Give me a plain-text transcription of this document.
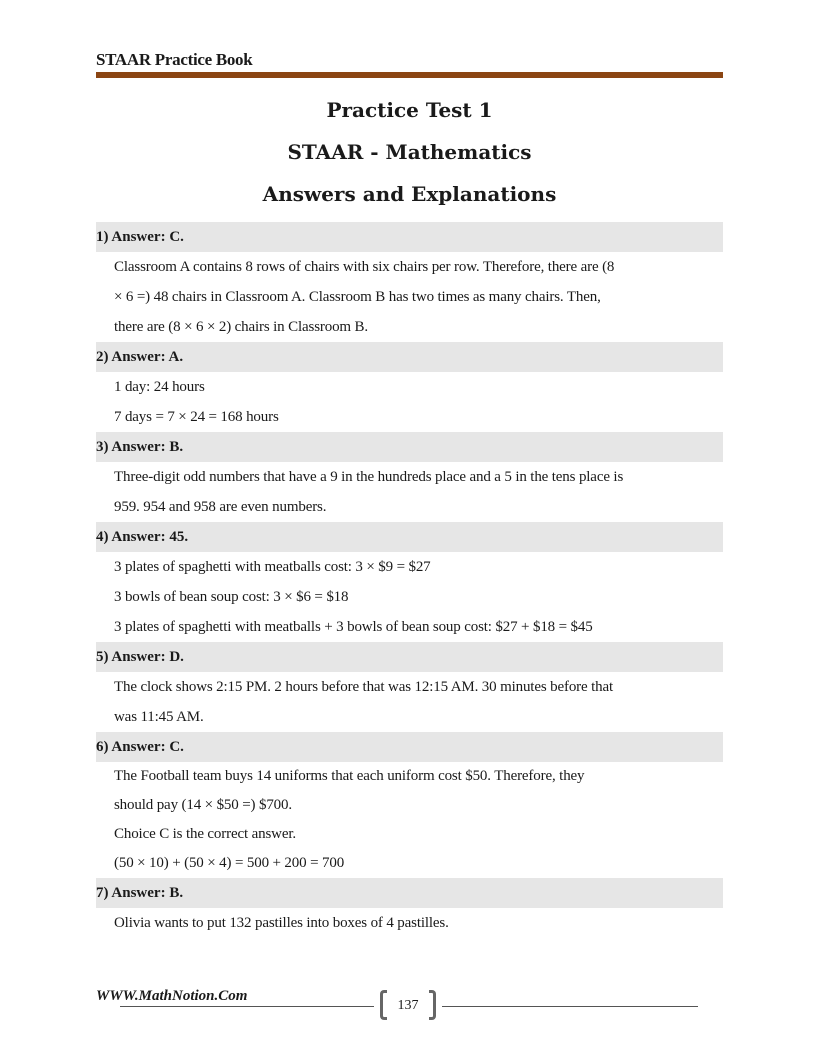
STAAR Practice Book
Practice Test 1
STAAR - Mathematics
Answers and Explanations
1) Answer: C.
Classroom A contains 8 rows of chairs with six chairs per row. Therefore, there are (8
× 6 =) 48 chairs in Classroom A. Classroom B has two times as many chairs. Then,
there are (8 × 6 × 2) chairs in Classroom B.
2) Answer: A.
1 day: 24 hours
7 days = 7 × 24 = 168 hours
3) Answer: B.
Three-digit odd numbers that have a 9 in the hundreds place and a 5 in the tens place is
959. 954 and 958 are even numbers.
4) Answer: 45.
3 plates of spaghetti with meatballs cost: 3 × $9 = $27
3 bowls of bean soup cost: 3 × $6 = $18
3 plates of spaghetti with meatballs + 3 bowls of bean soup cost: $27 + $18 = $45
5) Answer: D.
The clock shows 2:15 PM. 2 hours before that was 12:15 AM. 30 minutes before that
was 11:45 AM.
6) Answer: C.
The Football team buys 14 uniforms that each uniform cost $50. Therefore, they
should pay (14 × $50 =) $700.
Choice C is the correct answer.
(50 × 10) + (50 × 4) = 500 + 200 = 700
7) Answer: B.
Olivia wants to put 132 pastilles into boxes of 4 pastilles.
WWW.MathNotion.Com
137
